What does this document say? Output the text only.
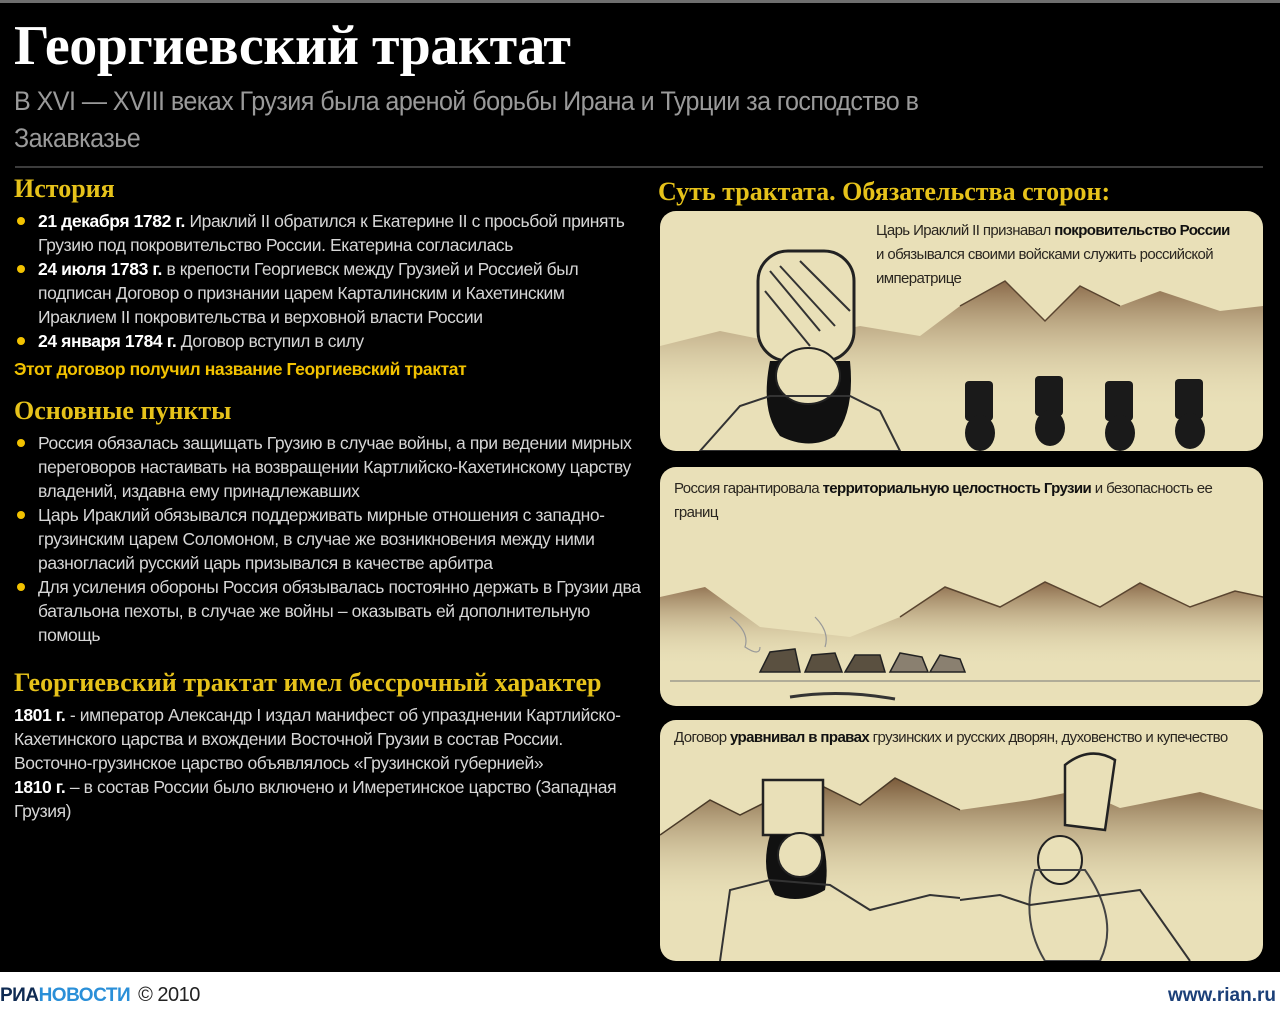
Георгиевский трактат

В XVI — XVIII веках Грузия была ареной борьбы Ирана и Турции за господство в Закавказье

История
21 декабря 1782 г. Ираклий II обратился к Екатерине II с просьбой принять Грузию под покровительство России. Екатерина согласилась
24 июля 1783 г. в крепости Георгиевск между Грузией и Россией был подписан Договор о признании царем Карталинским и Кахетинским Ираклием II покровительства и верховной власти России
24 января 1784 г. Договор вступил в силу

Этот договор получил название Георгиевский трактат

Основные пункты
Россия обязалась защищать Грузию в случае войны, а при ведении мирных переговоров настаивать на возвращении Картлийско-Кахетинскому царству владений, издавна ему принадлежавших
Царь Ираклий обязывался поддерживать мирные отношения с западно-грузинским царем Соломоном, в случае же возникновения между ними разногласий русский царь призывался в качестве арбитра
Для усиления обороны Россия обязывалась постоянно держать в Грузии два батальона пехоты, в случае же войны – оказывать ей дополнительную помощь
Георгиевский трактат имел бессрочный характер

1801 г. - император Александр I издал манифест об упразднении Картлийско-Кахетинского царства и вхождении Восточной Грузии в состав России. Восточно-грузинское царство объявлялось «Грузинской губернией»

1810 г. – в состав России было включено и Имеретинское царство (Западная Грузия)

Суть трактата. Обязательства сторон:

Царь Ираклий II признавал покровительство России и обязывался своими войсками служить российской императрице

Россия гарантировала территориальную целостность Грузии и безопасность ее границ

Договор уравнивал в правах грузинских и русских дворян, духовенство и купечество

РИАНОВОСТИ © 2010	www.rian.ru
